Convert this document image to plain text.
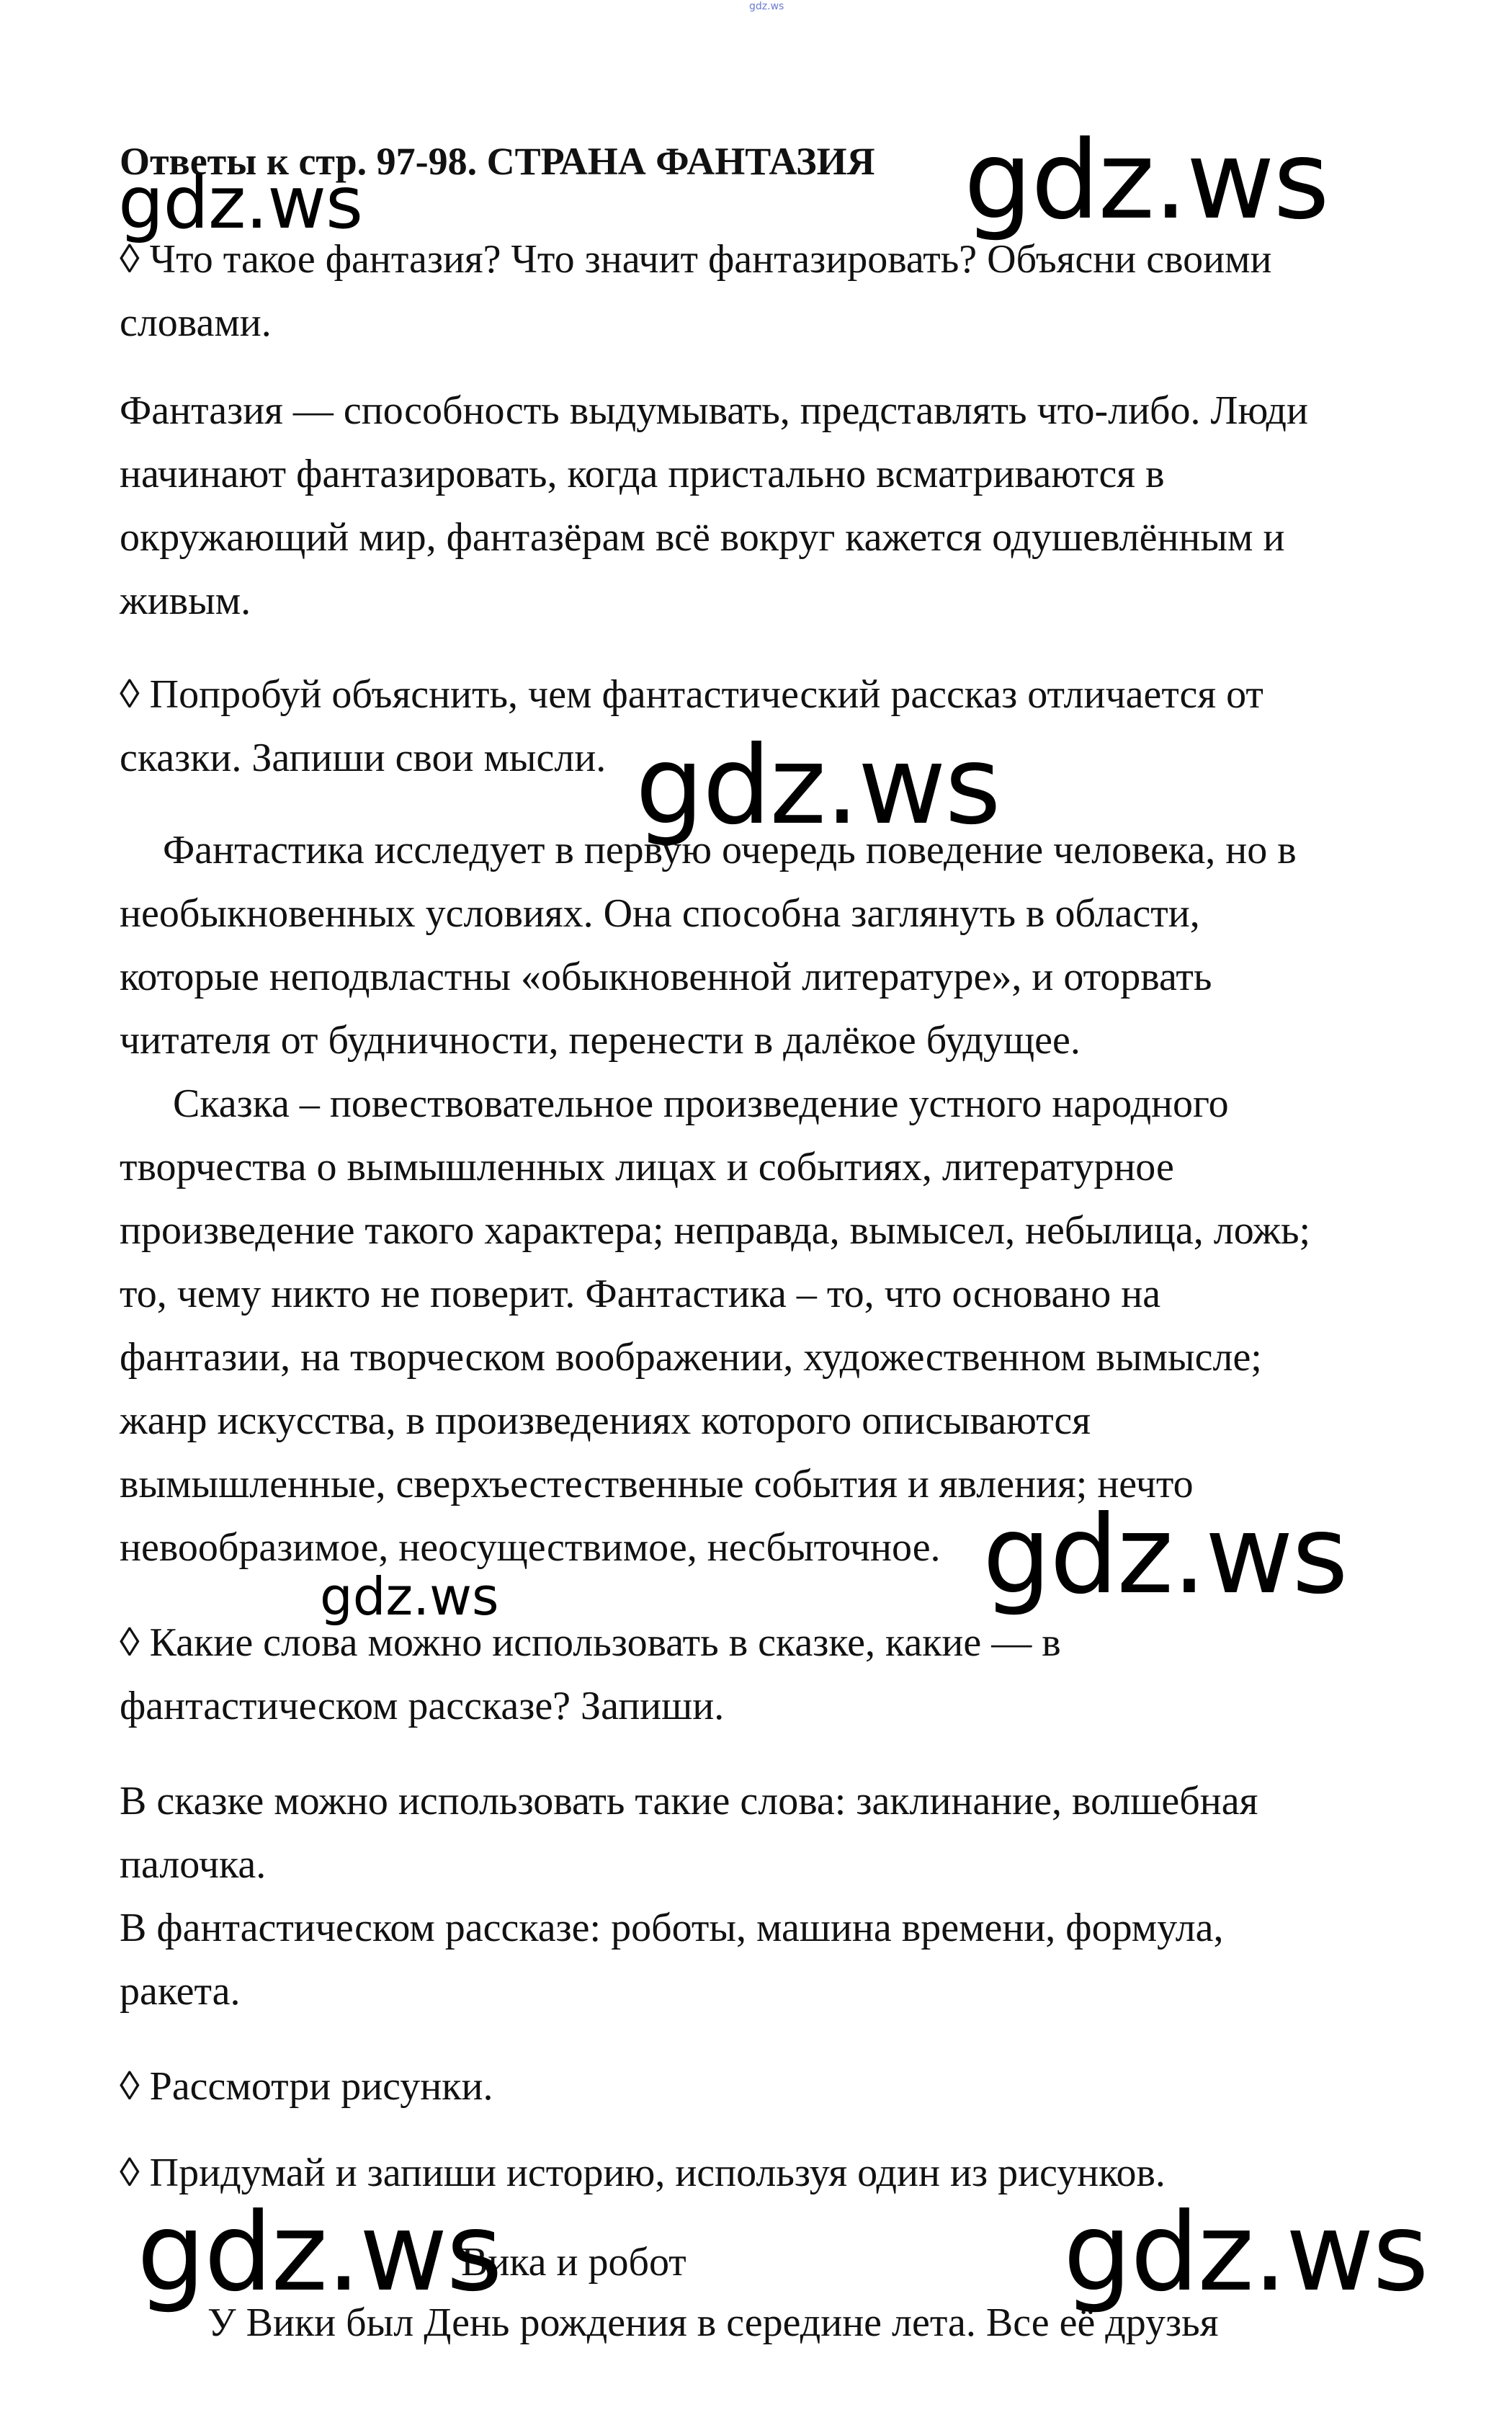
gdz.ws

Ответы к стр. 97-98. СТРАНА ФАНТАЗИЯ

◊ Что такое фантазия? Что значит фантазировать? Объясни своими

словами.

Фантазия — способность выдумывать, представлять что-либо. Люди

начинают фантазировать, когда пристально всматриваются в

окружающий мир, фантазёрам всё вокруг кажется одушевлённым и

живым.

◊ Попробуй объяснить, чем фантастический рассказ отличается от

сказки. Запиши свои мысли.

Фантастика исследует в первую очередь поведение человека, но в

необыкновенных условиях. Она способна заглянуть в области,

которые неподвластны «обыкновенной литературе», и оторвать

читателя от будничности, перенести в далёкое будущее.

Сказка – повествовательное произведение устного народного

творчества о вымышленных лицах и событиях, литературное

произведение такого характера; неправда, вымысел, небылица, ложь;

то, чему никто не поверит. Фантастика – то, что основано на

фантазии, на творческом воображении, художественном вымысле;

жанр искусства, в произведениях которого описываются

вымышленные, сверхъестественные события и явления; нечто

невообразимое, неосуществимое, несбыточное.

◊ Какие слова можно использовать в сказке, какие — в

фантастическом рассказе? Запиши.

В сказке можно использовать такие слова: заклинание, волшебная

палочка.

В фантастическом рассказе: роботы, машина времени, формула,

ракета.

◊ Рассмотри рисунки.

◊ Придумай и запиши историю, используя один из рисунков.

Вика и робот

У Вики был День рождения в середине лета. Все её друзья

gdz.ws	gdz.ws
gdz.ws
gdz.ws
gdz.ws
gdz.ws	gdz.ws
